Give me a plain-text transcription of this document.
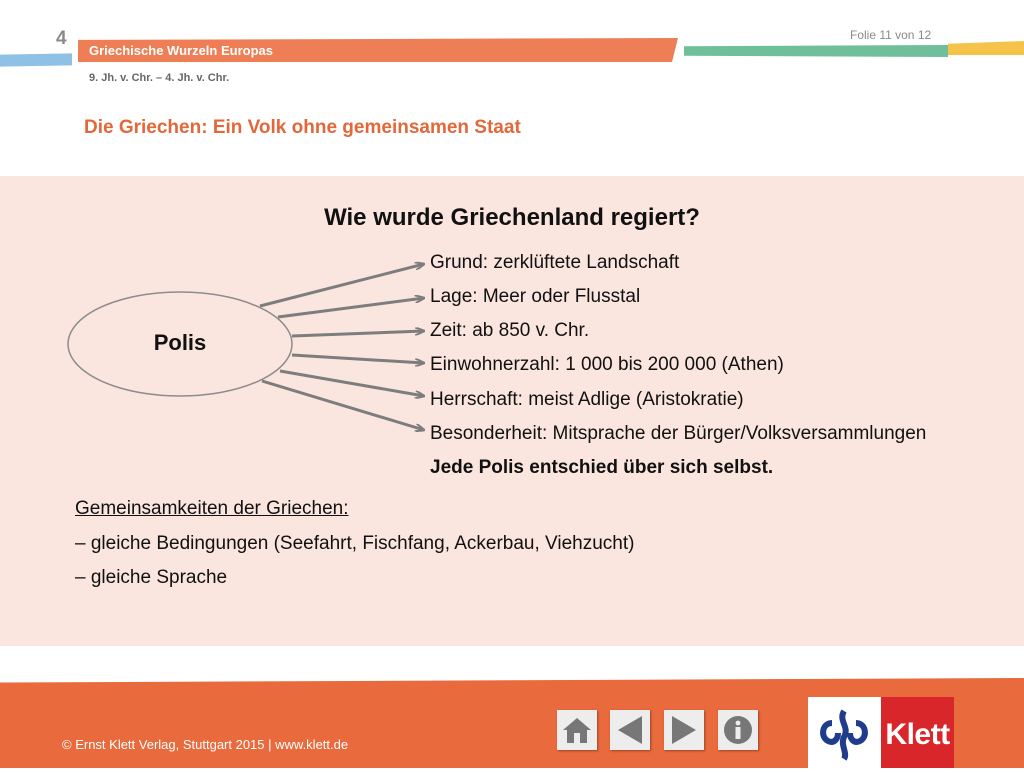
4
Griechische Wurzeln Europas
Folie 11 von 12
9. Jh. v. Chr. – 4. Jh. v. Chr.
Die Griechen: Ein Volk ohne gemeinsamen Staat
Wie wurde Griechenland regiert?
Polis
Grund: zerklüftete Landschaft
Lage: Meer oder Flusstal
Zeit: ab 850 v. Chr.
Einwohnerzahl: 1 000 bis 200 000 (Athen)
Herrschaft: meist Adlige (Aristokratie)
Besonderheit: Mitsprache der Bürger/Volksversammlungen
Jede Polis entschied über sich selbst.
Gemeinsamkeiten der Griechen:
– gleiche Bedingungen (Seefahrt, Fischfang, Ackerbau, Viehzucht)
– gleiche Sprache
© Ernst Klett Verlag, Stuttgart 2015 | www.klett.de	Klett
